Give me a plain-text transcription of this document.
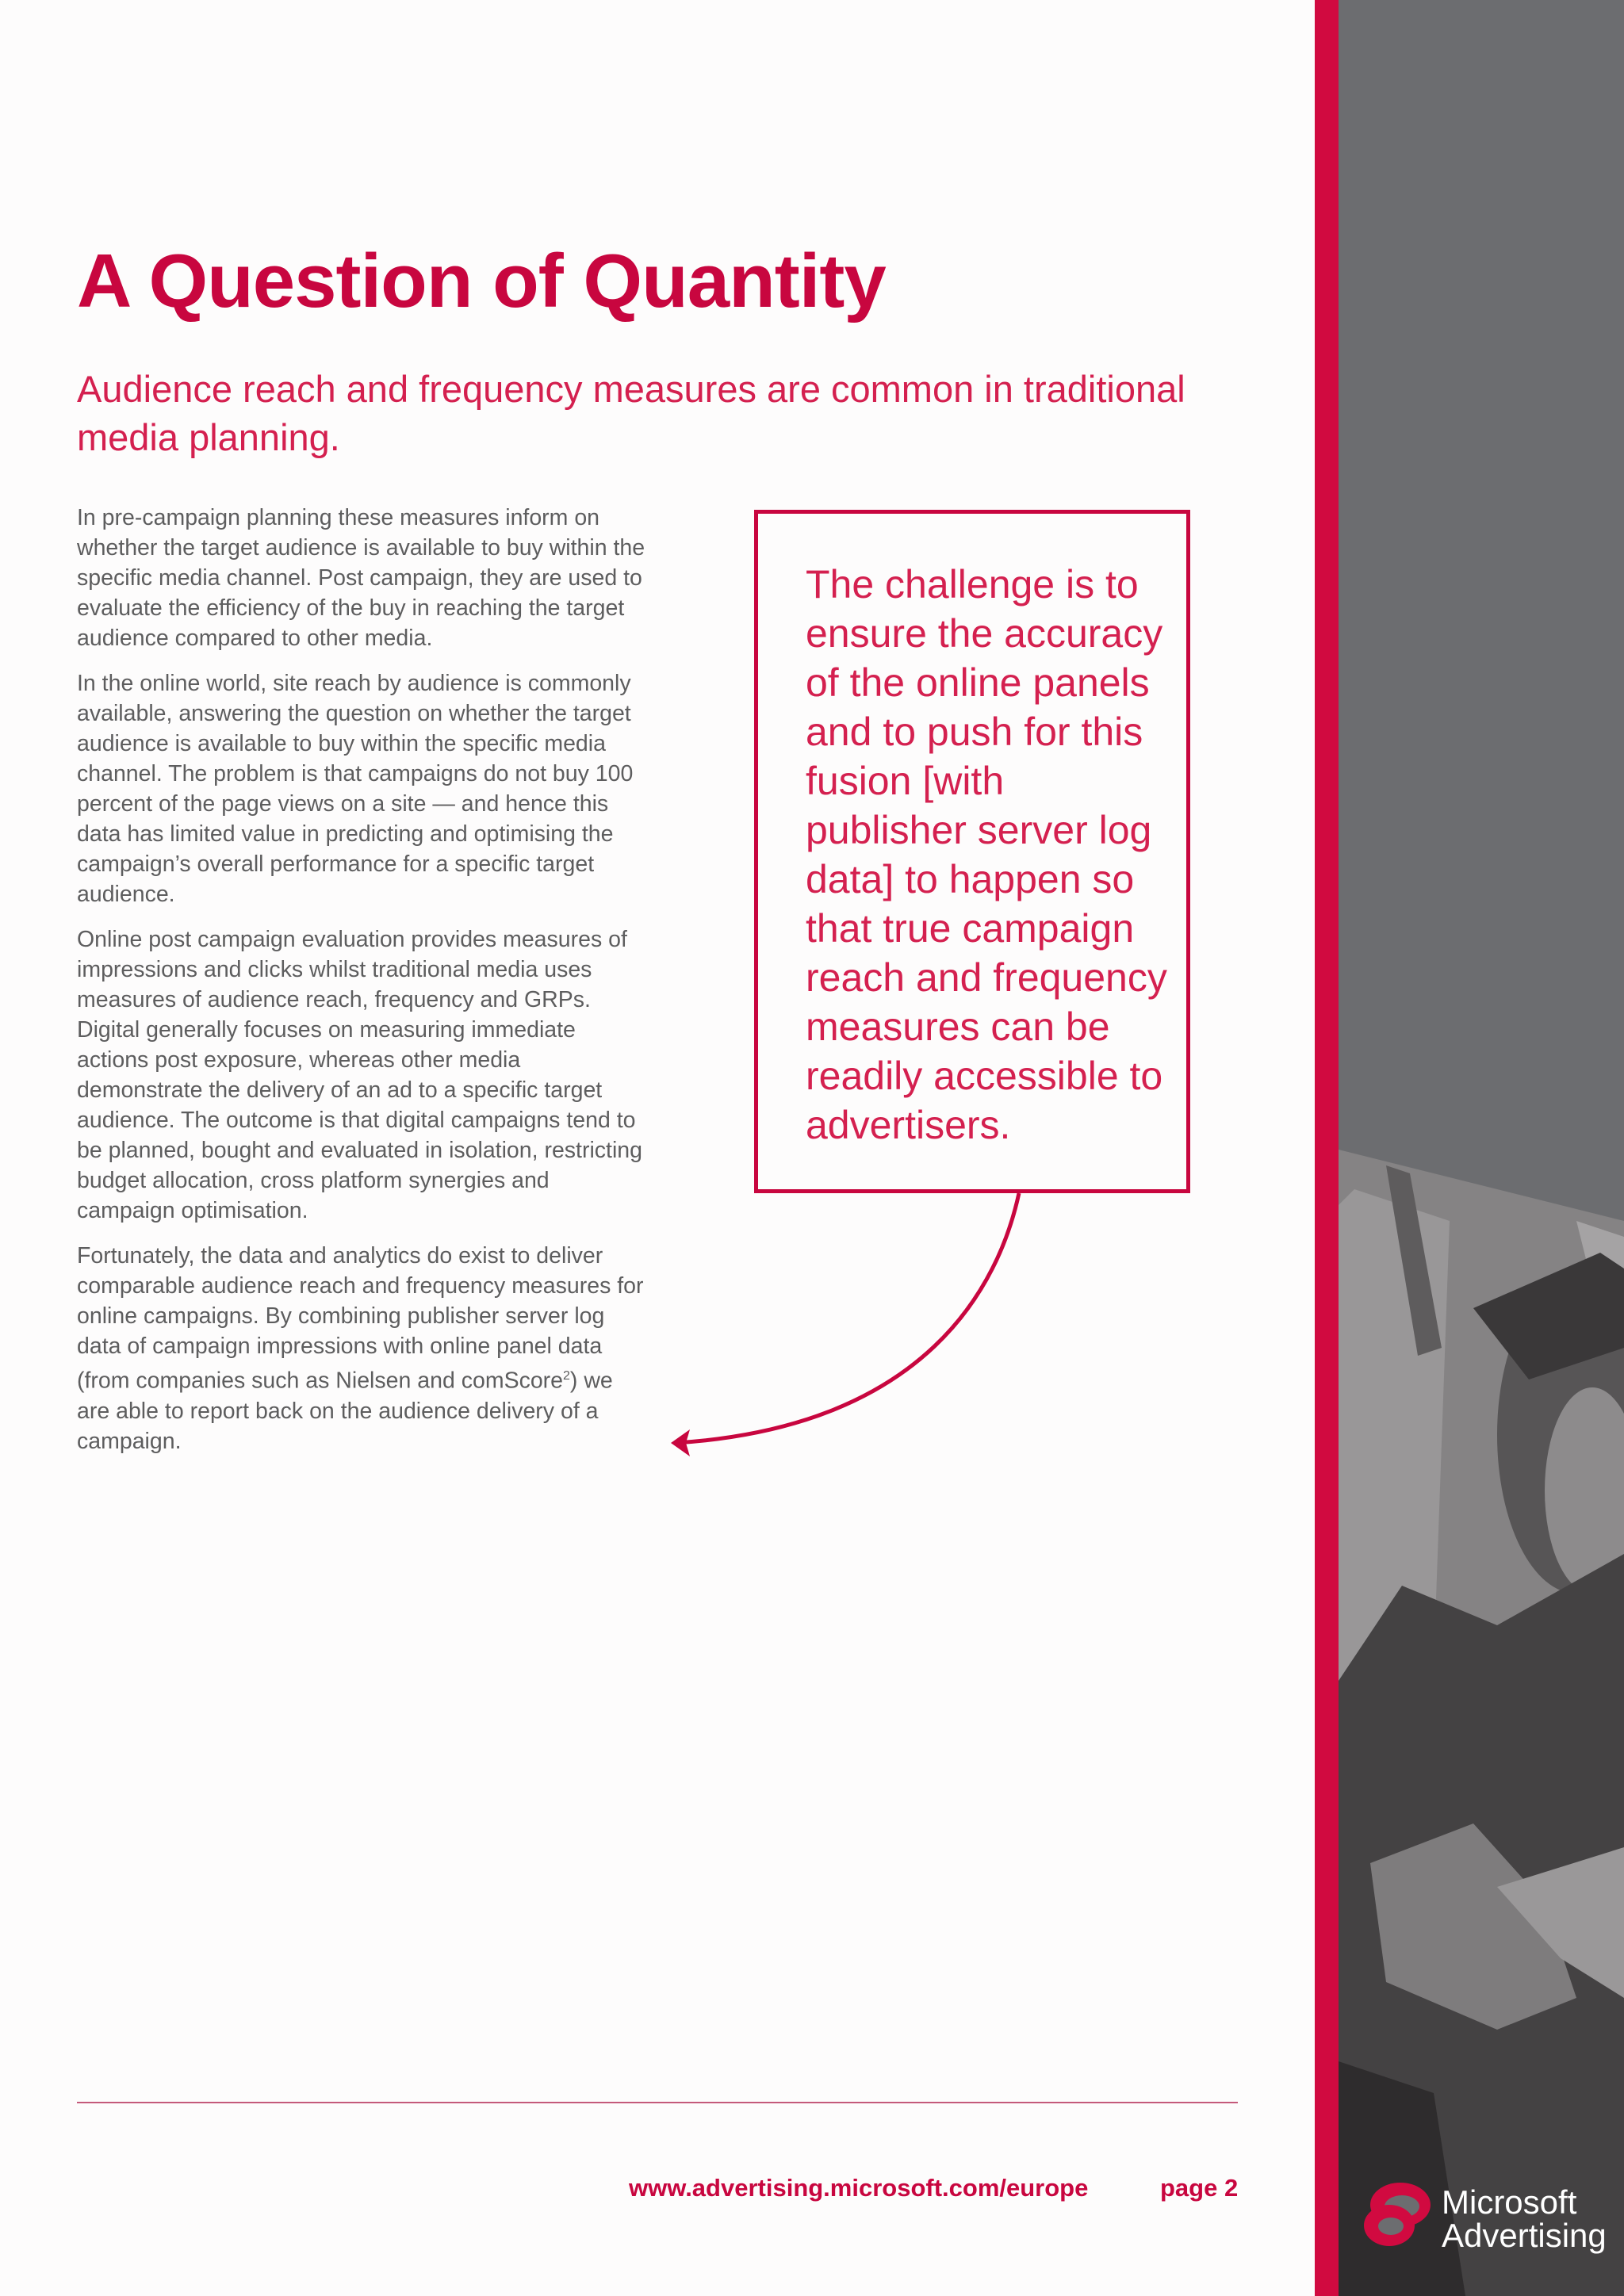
A Question of Quantity
Audience reach and frequency measures are common in traditional media planning.

In pre-campaign planning these measures inform on whether the target audience is available to buy within the specific media channel. Post campaign, they are used to evaluate the efficiency of the buy in reaching the target audience compared to other media.

In the online world, site reach by audience is commonly available, answering the question on whether the target audience is available to buy within the specific media channel. The problem is that campaigns do not buy 100 percent of the page views on a site — and hence this data has limited value in predicting and optimising the campaign’s overall performance for a specific target audience.

Online post campaign evaluation provides measures of impressions and clicks whilst traditional media uses measures of audience reach, frequency and GRPs. Digital generally focuses on measuring immediate actions post exposure, whereas other media demonstrate the delivery of an ad to a specific target audience. The outcome is that digital campaigns tend to be planned, bought and evaluated in isolation, restricting budget allocation, cross platform synergies and campaign optimisation.

Fortunately, the data and analytics do exist to deliver comparable audience reach and frequency measures for online campaigns. By combining publisher server log data of campaign impressions with online panel data (from companies such as Nielsen and comScore$^2$) we are able to report back on the audience delivery of a campaign.

The challenge is to ensure the accuracy of the online panels and to push for this fusion [with publisher server log data] to happen so that true campaign reach and frequency measures can be readily accessible to advertisers.

www.advertising.microsoft.com/europe	page 2	Microsoft
Advertising
